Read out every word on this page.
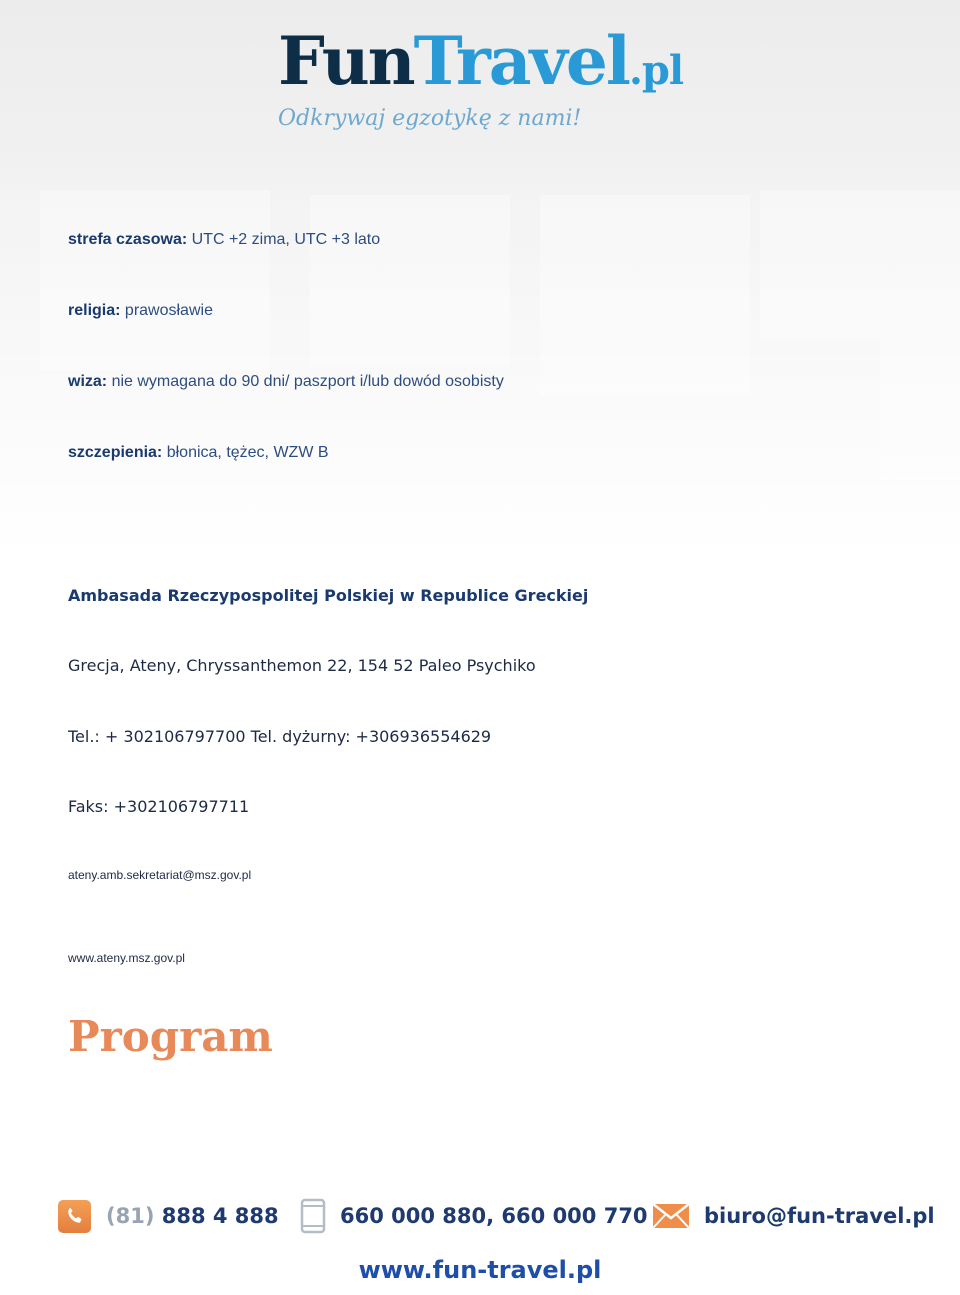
FunTravel.pl
Odkrywaj egzotykę z nami!
strefa czasowa: UTC +2 zima, UTC +3 lato
religia: prawosławie
wiza: nie wymagana do 90 dni/ paszport i/lub dowód osobisty
szczepienia: błonica, tężec, WZW B
Ambasada Rzeczypospolitej Polskiej w Republice Greckiej
Grecja, Ateny, Chryssanthemon 22, 154 52 Paleo Psychiko
Tel.: + 302106797700 Tel. dyżurny: +306936554629
Faks: +302106797711
ateny.amb.sekretariat@msz.gov.pl
www.ateny.msz.gov.pl
Program
(81)
888 4 888	660 000 880, 660 000 770	biuro@fun-travel.pl
www.fun-travel.pl
